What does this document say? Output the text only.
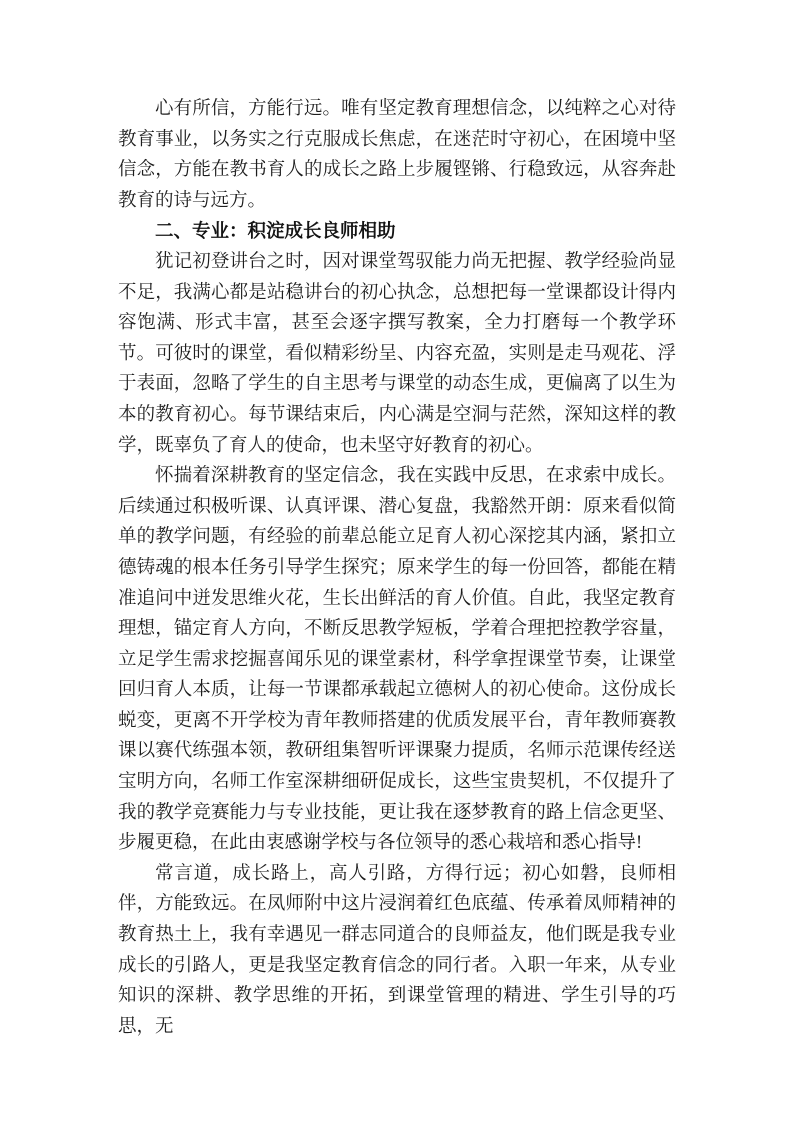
心有所信，方能行远。唯有坚定教育理想信念，以纯粹之心对待教育事业，以务实之行克服成长焦虑，在迷茫时守初心，在困境中坚信念，方能在教书育人的成长之路上步履铿锵、行稳致远，从容奔赴教育的诗与远方。

二、专业：积淀成长良师相助

犹记初登讲台之时，因对课堂驾驭能力尚无把握、教学经验尚显不足，我满心都是站稳讲台的初心执念，总想把每一堂课都设计得内容饱满、形式丰富，甚至会逐字撰写教案，全力打磨每一个教学环节。可彼时的课堂，看似精彩纷呈、内容充盈，实则是走马观花、浮于表面，忽略了学生的自主思考与课堂的动态生成，更偏离了以生为本的教育初心。每节课结束后，内心满是空洞与茫然，深知这样的教学，既辜负了育人的使命，也未坚守好教育的初心。

怀揣着深耕教育的坚定信念，我在实践中反思，在求索中成长。后续通过积极听课、认真评课、潜心复盘，我豁然开朗：原来看似简单的教学问题，有经验的前辈总能立足育人初心深挖其内涵，紧扣立德铸魂的根本任务引导学生探究；原来学生的每一份回答，都能在精准追问中迸发思维火花，生长出鲜活的育人价值。自此，我坚定教育理想，锚定育人方向，不断反思教学短板，学着合理把控教学容量，立足学生需求挖掘喜闻乐见的课堂素材，科学拿捏课堂节奏，让课堂回归育人本质，让每一节课都承载起立德树人的初心使命。这份成长蜕变，更离不开学校为青年教师搭建的优质发展平台，青年教师赛教课以赛代练强本领，教研组集智听评课聚力提质，名师示范课传经送宝明方向，名师工作室深耕细研促成长，这些宝贵契机，不仅提升了我的教学竞赛能力与专业技能，更让我在逐梦教育的路上信念更坚、步履更稳，在此由衷感谢学校与各位领导的悉心栽培和悉心指导!

常言道，成长路上，高人引路，方得行远；初心如磐，良师相伴，方能致远。在凤师附中这片浸润着红色底蕴、传承着凤师精神的教育热土上，我有幸遇见一群志同道合的良师益友，他们既是我专业成长的引路人，更是我坚定教育信念的同行者。入职一年来，从专业知识的深耕、教学思维的开拓，到课堂管理的精进、学生引导的巧思，无
